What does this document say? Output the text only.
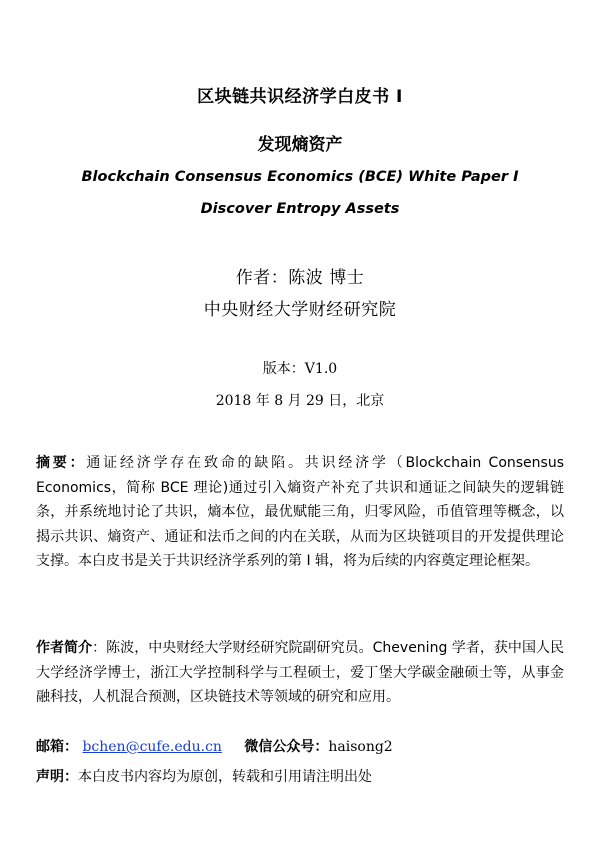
区块链共识经济学白皮书 I
发现熵资产
Blockchain Consensus Economics (BCE) White Paper I
Discover Entropy Assets
作者：陈波 博士
中央财经大学财经研究院
版本：V1.0
2018 年 8 月 29 日，北京
摘要：通证经济学存在致命的缺陷。共识经济学（Blockchain Consensus Economics，简称 BCE 理论)通过引入熵资产补充了共识和通证之间缺失的逻辑链条，并系统地讨论了共识，熵本位，最优赋能三角，归零风险，币值管理等概念，以揭示共识、熵资产、通证和法币之间的内在关联，从而为区块链项目的开发提供理论支撑。本白皮书是关于共识经济学系列的第 I 辑，将为后续的内容奠定理论框架。
作者简介：陈波，中央财经大学财经研究院副研究员。Chevening 学者，获中国人民大学经济学博士，浙江大学控制科学与工程硕士，爱丁堡大学碳金融硕士等，从事金融科技，人机混合预测，区块链技术等领域的研究和应用。
邮箱： bchen@cufe.edu.cn 微信公众号：haisong2
声明：本白皮书内容均为原创，转载和引用请注明出处
